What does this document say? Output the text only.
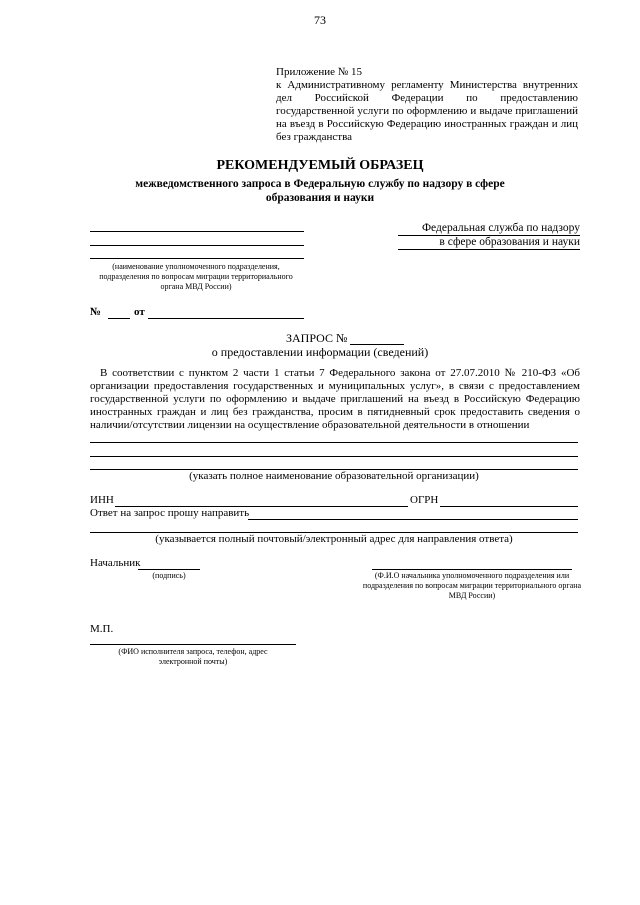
73
Приложение № 15
к Административному регламенту Министерства внутренних дел Российской Федерации по предоставлению государственной услуги по оформлению и выдаче приглашений на въезд в Российскую Федерацию иностранных граждан и лиц без гражданства
РЕКОМЕНДУЕМЫЙ ОБРАЗЕЦ
межведомственного запроса в Федеральную службу по надзору в сфере
образования и науки
(наименование уполномоченного подразделения, подразделения по вопросам миграции территориального органа МВД России)
Федеральная служба по надзору
в сфере образования и науки
№	от
ЗАПРОС №
о предоставлении информации (сведений)
В соответствии с пунктом 2 части 1 статьи 7 Федерального закона от 27.07.2010 № 210-ФЗ «Об организации предоставления государственных и муниципальных услуг», в связи с предоставлением государственной услуги по оформлению и выдаче приглашений на въезд в Российскую Федерацию иностранных граждан и лиц без гражданства, просим в пятидневный срок предоставить сведения о наличии/отсутствии лицензии на осуществление образовательной деятельности в отношении
(указать полное наименование образовательной организации)
ИНН	ОГРН
Ответ на запрос прошу направить
(указывается полный почтовый/электронный адрес для направления ответа)
Начальник
(подпись)	(Ф.И.О начальника уполномоченного подразделения или подразделения по вопросам миграции территориального органа МВД России)
М.П.
(ФИО исполнителя запроса, телефон, адрес электронной почты)
